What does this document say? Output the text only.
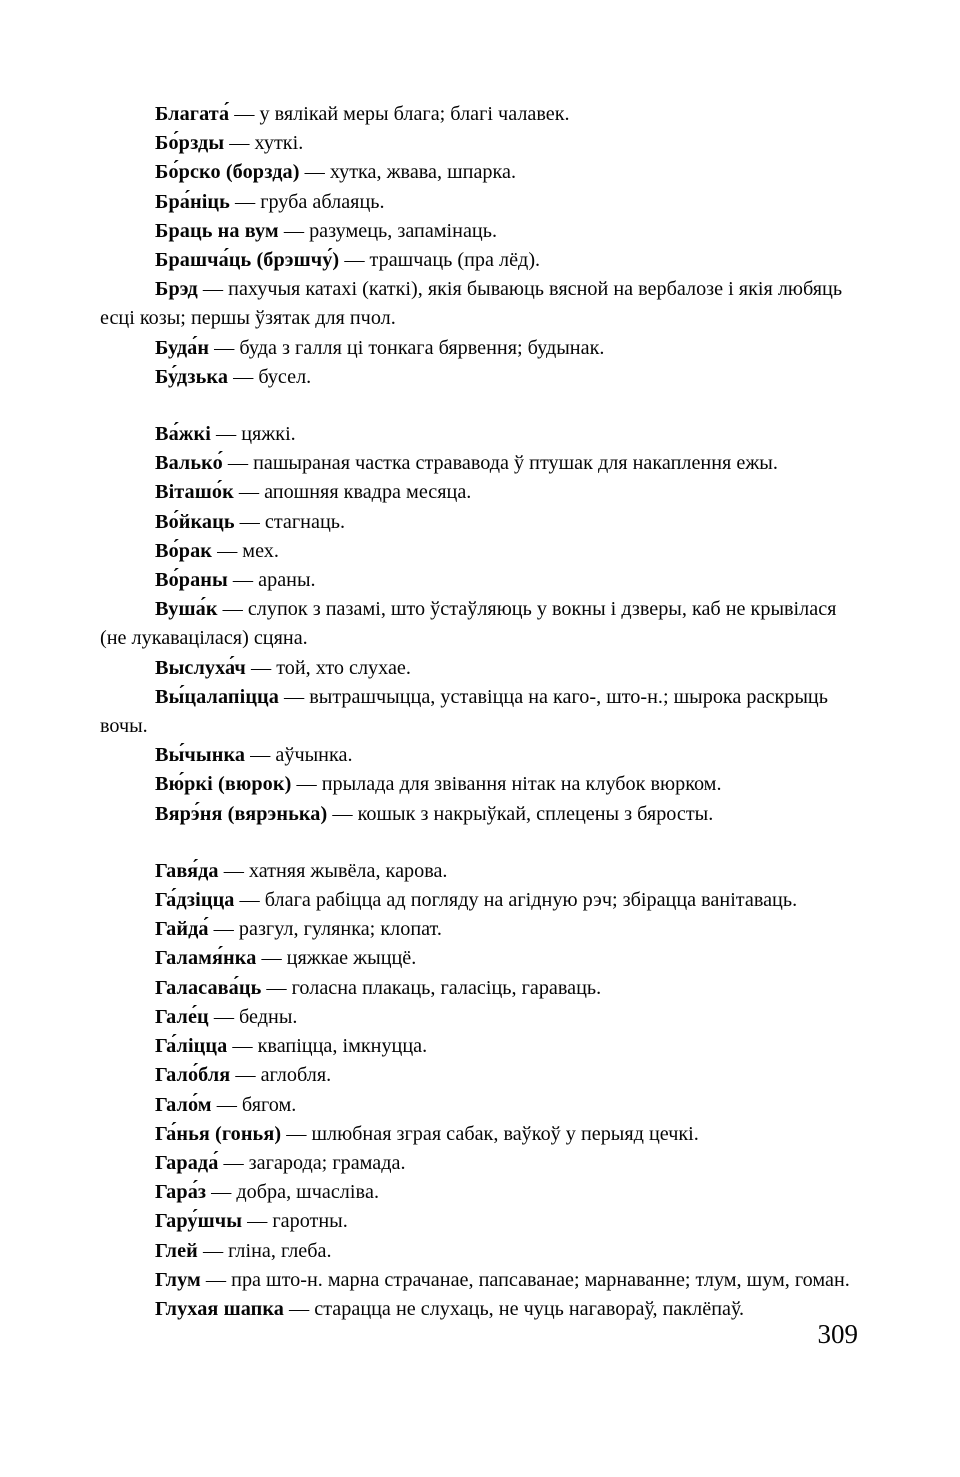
Благата́ — у вялікай меры блага; благі чалавек.

Бо́рзды — хуткі.

Бо́рско (борзда) — хутка, жвава, шпарка.

Бра́ніць — груба аблаяць.

Браць на вум — разумець, запамінаць.

Брашча́ць (брэшчу́) — трашчаць (пра лёд).

Брэд — пахучыя катахі (каткі), якія бываюць вясной на вербалозе і якія любяць есці козы; першы ўзятак для пчол.

Буда́н — буда з галля ці тонкага бярвення; будынак.

Бу́дзька — бусел.

Ва́жкі — цяжкі.

Валько́ — пашыраная частка стрававода ў птушак для накаплення ежы.

Віташо́к — апошняя квадра месяца.

Во́йкаць — стагнаць.

Во́рак — мех.

Во́раны — араны.

Вуша́к — слупок з пазамі, што ўстаўляюць у вокны і дзверы, каб не крывілася (не лукавацілася) сцяна.

Выслуха́ч — той, хто слухае.

Вы́цалапіцца — вытрашчыцца, уставіцца на каго-, што-н.; шырока раскрыць вочы.

Вы́чынка — аўчынка.

Вю́ркі (вюрок) — прылада для звівання нітак на клубок вюрком.

Вярэ́ня (вярэнька) — кошык з накрыўкай, сплецены з бяросты.

Гавя́да — хатняя жывёла, карова.

Га́дзіцца — блага рабіцца ад погляду на агідную рэч; збірацца ванітаваць.

Гайда́ — разгул, гулянка; клопат.

Галамя́нка — цяжкае жыццё.

Галасава́ць — голасна плакаць, галасіць, гараваць.

Гале́ц — бедны.

Га́ліцца — квапіцца, імкнуцца.

Гало́бля — аглобля.

Гало́м — бягом.

Га́нья (гонья) — шлюбная зграя сабак, ваўкоў у перыяд цечкі.

Гарада́ — загарода; грамада.

Гара́з — добра, шчаслівa.

Гару́шчы — гаротны.

Глей — гліна, глеба.

Глум — пра што-н. марна страчанае, папсаванае; марнаванне; тлум, шум, гоман.

Глухая шапка — старацца не слухаць, не чуць нагавораў, паклёпаў.

309
